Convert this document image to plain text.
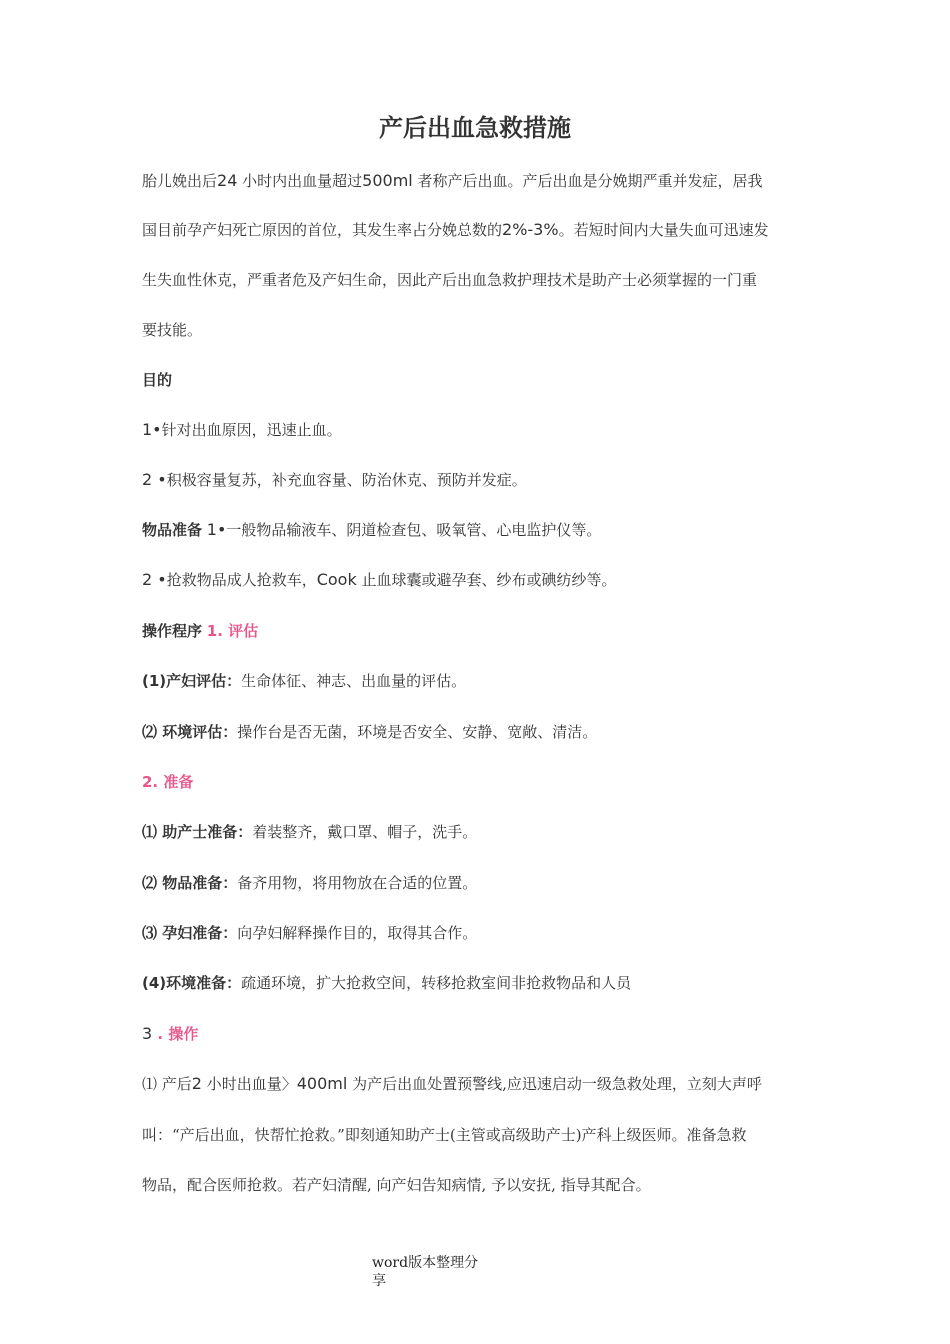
产后出血急救措施

胎儿娩出后24 小时内出血量超过500ml 者称产后出血。产后出血是分娩期严重并发症，居我

国目前孕产妇死亡原因的首位，其发生率占分娩总数的2%-3%。若短时间内大量失血可迅速发

生失血性休克，严重者危及产妇生命，因此产后出血急救护理技术是助产士必须掌握的一门重

要技能。

目的

1•针对出血原因，迅速止血。

2 •积极容量复苏，补充血容量、防治休克、预防并发症。

物品准备 1•一般物品输液车、阴道检查包、吸氧管、心电监护仪等。

2 •抢救物品成人抢救车，Cook 止血球囊或避孕套、纱布或碘纺纱等。

操作程序 1. 评估

(1)产妇评估：生命体征、神志、出血量的评估。

⑵ 环境评估：操作台是否无菌，环境是否安全、安静、宽敞、清洁。

2. 准备

⑴ 助产士准备：着装整齐，戴口罩、帽子，洗手。

⑵ 物品准备：备齐用物，将用物放在合适的位置。

⑶ 孕妇准备：向孕妇解释操作目的，取得其合作。

(4)环境准备：疏通环境，扩大抢救空间，转移抢救室间非抢救物品和人员

3 . 操作

⑴ 产后2 小时出血量〉400ml 为产后出血处置预警线,应迅速启动一级急救处理，立刻大声呼

叫：“产后出血，快帮忙抢救。”即刻通知助产士(主管或高级助产士)产科上级医师。准备急救

物品，配合医师抢救。若产妇清醒, 向产妇告知病情, 予以安抚, 指导其配合。

word版本整理分享
